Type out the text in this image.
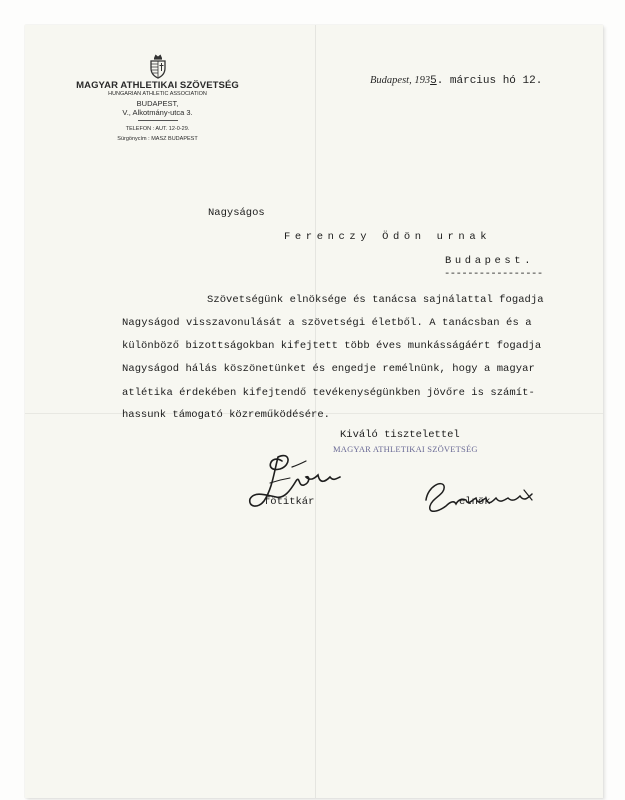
MAGYAR ATHLETIKAI SZÖVETSÉG
HUNGARIAN ATHLETIC ASSOCIATION
BUDAPEST,
V., Alkotmány-utca 3.
TELEFON : AUT. 12-0-29.
Sürgönycím : MASZ BUDAPEST
Budapest, 1935. március hó 12.
Nagyságos
Ferenczy Ödön urnak
Budapest.
-----------------
Szövetségünk elnöksége és tanácsa sajnálattal fogadja
Nagyságod visszavonulását a szövetségi életből. A tanácsban és a
különböző bizottságokban kifejtett több éves munkásságáért fogadja
Nagyságod hálás köszönetünket és engedje remélnünk, hogy a magyar
atlétika érdekében kifejtendő tevékenységünkben jövőre is számít-
hassunk támogató közreműködésére.
Kiváló tisztelettel
MAGYAR ATHLETIKAI SZÖVETSÉG
főtitkár	elnök
